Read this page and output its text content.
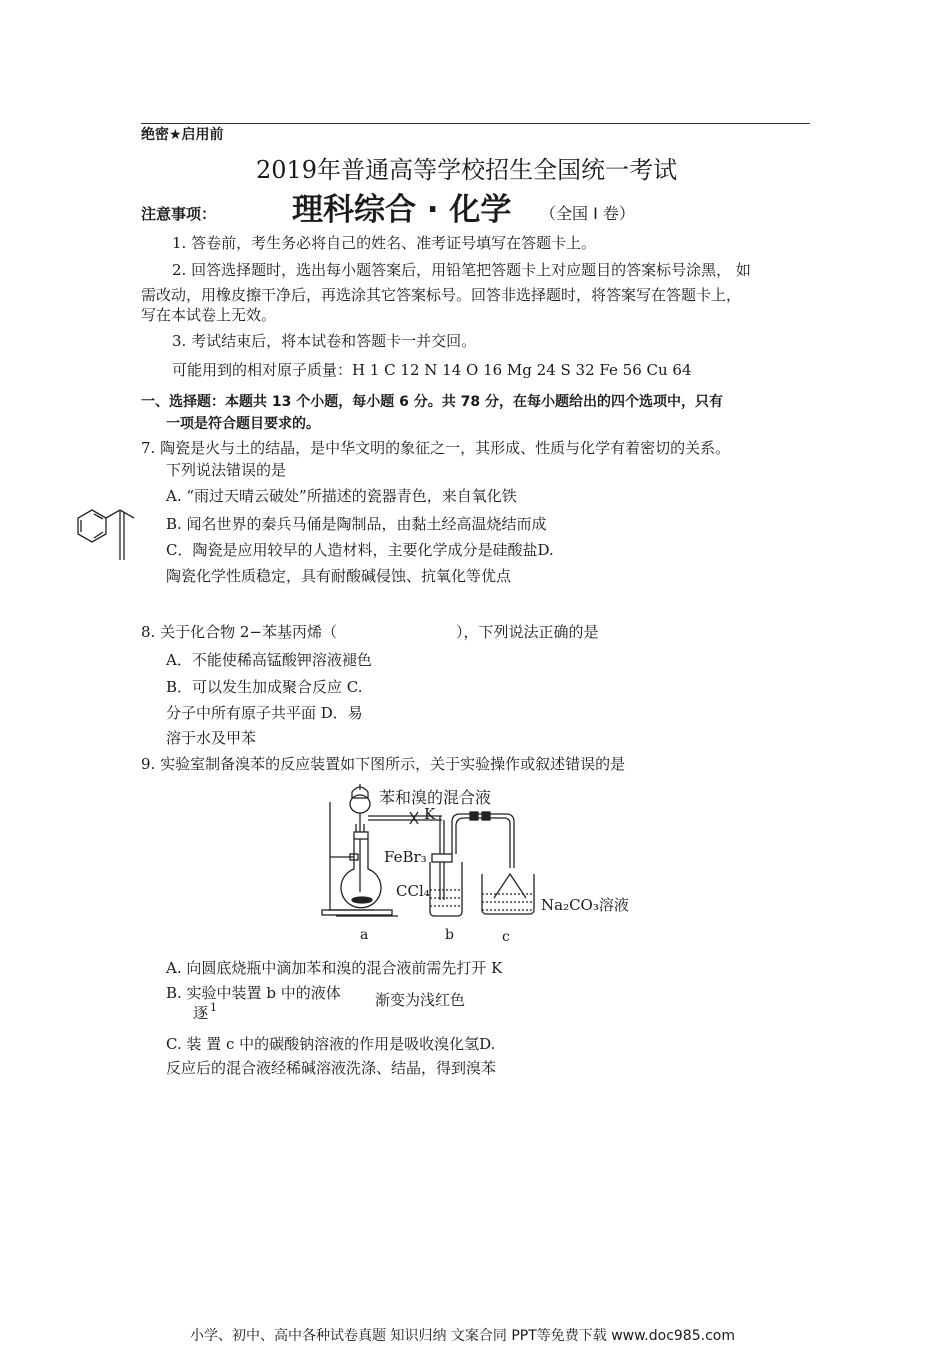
绝密★启用前
2019年普通高等学校招生全国统一考试
注意事项： 理科综合 · 化学 （全国 Ⅰ 卷）
1. 答卷前，考生务必将自己的姓名、准考证号填写在答题卡上。
2. 回答选择题时，选出每小题答案后，用铅笔把答题卡上对应题目的答案标号涂黑， 如
需改动，用橡皮擦干净后，再选涂其它答案标号。回答非选择题时，将答案写在答题卡上，
写在本试卷上无效。
3. 考试结束后，将本试卷和答题卡一并交回。
可能用到的相对原子质量：H 1 C 12 N 14 O 16 Mg 24 S 32 Fe 56 Cu 64
一、选择题：本题共 13 个小题，每小题 6 分。共 78 分，在每小题给出的四个选项中，只有
一项是符合题目要求的。
7. 陶瓷是火与土的结晶，是中华文明的象征之一，其形成、性质与化学有着密切的关系。
下列说法错误的是
A. “雨过天晴云破处”所描述的瓷器青色，来自氧化铁
B. 闻名世界的秦兵马俑是陶制品，由黏土经高温烧结而成
C．陶瓷是应用较早的人造材料，主要化学成分是硅酸盐D.
陶瓷化学性质稳定，具有耐酸碱侵蚀、抗氧化等优点
8. 关于化合物 2−苯基丙烯（	），下列说法正确的是
A．不能使稀高锰酸钾溶液褪色
B．可以发生加成聚合反应 C.
分子中所有原子共平面 D．易
溶于水及甲苯
9. 实验室制备溴苯的反应装置如下图所示，关于实验操作或叙述错误的是
苯和溴的混合液
K
FeBr₃
CCl₄
Na₂CO₃溶液
a	b	c
A. 向圆底烧瓶中滴加苯和溴的混合液前需先打开 K
B. 实验中装置 b 中的液体
逐 1	渐变为浅红色
C. 装 置 c 中的碳酸钠溶液的作用是吸收溴化氢D.
反应后的混合液经稀碱溶液洗涤、结晶，得到溴苯
小学、初中、高中各种试卷真题 知识归纳 文案合同 PPT等免费下载 www.doc985.com
